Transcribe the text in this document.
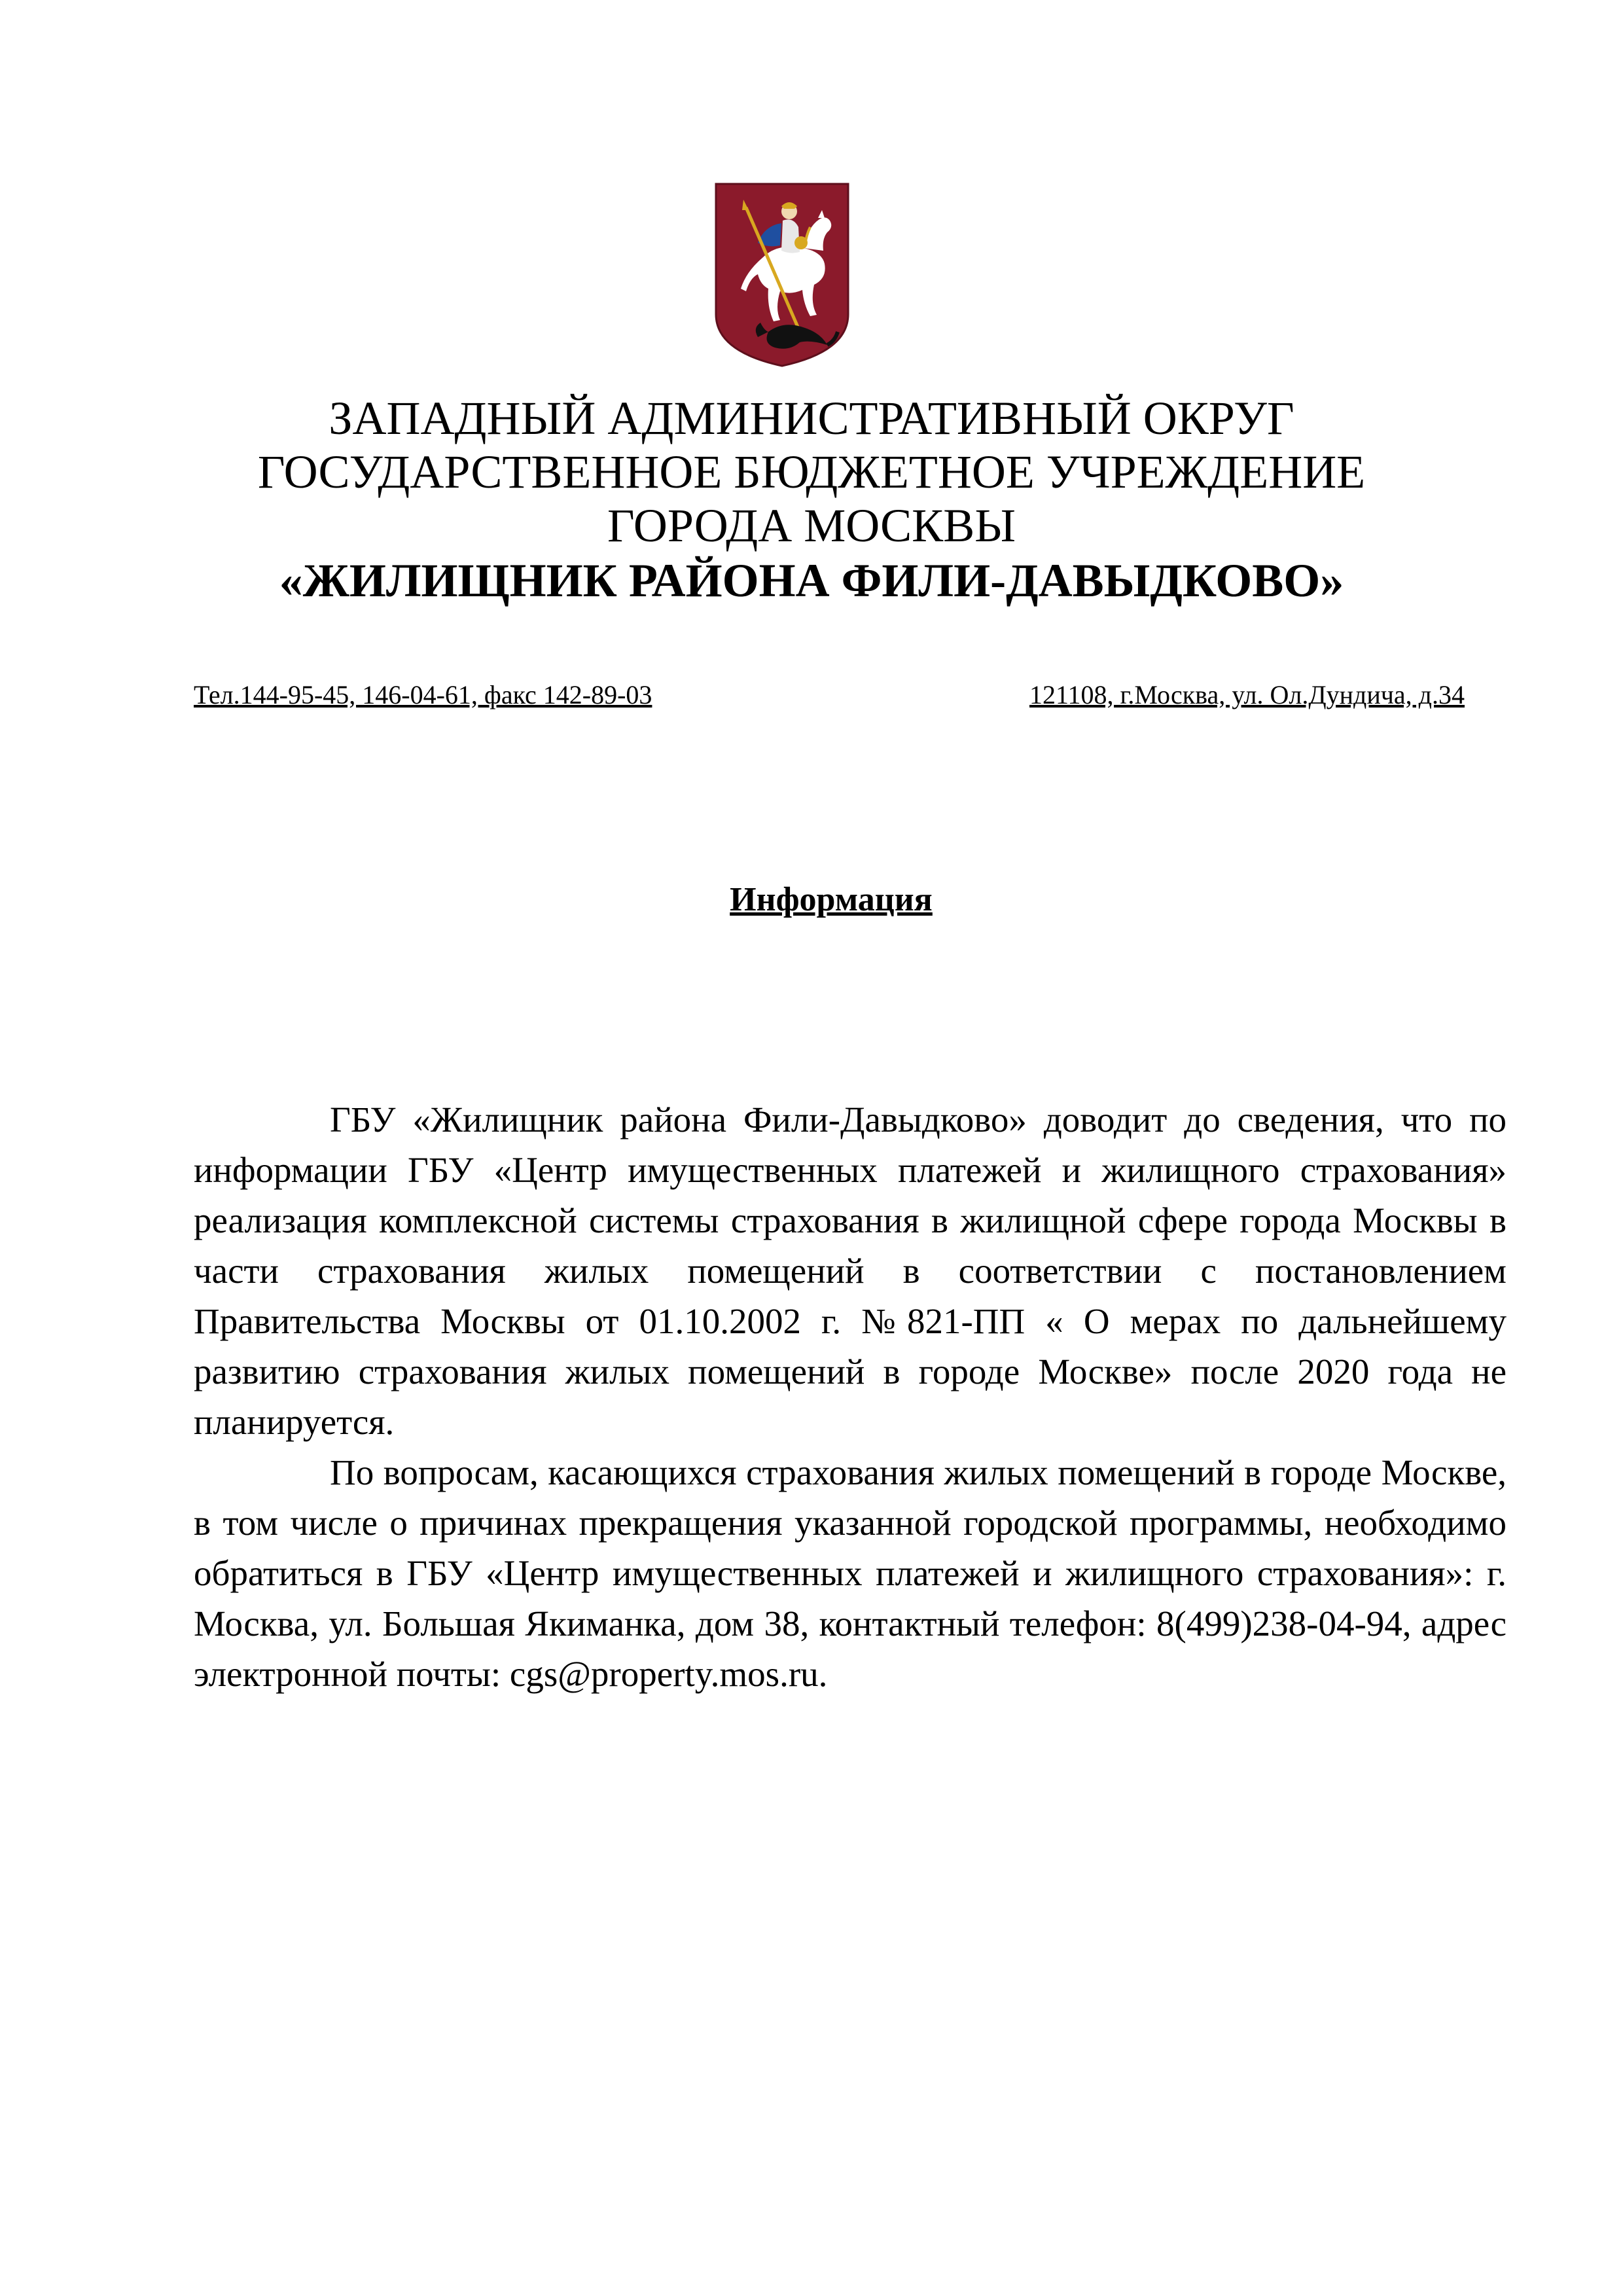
ЗАПАДНЫЙ АДМИНИСТРАТИВНЫЙ ОКРУГ
ГОСУДАРСТВЕННОЕ БЮДЖЕТНОЕ УЧРЕЖДЕНИЕ
ГОРОДА МОСКВЫ
«ЖИЛИЩНИК РАЙОНА ФИЛИ-ДАВЫДКОВО»
Тел.144-95-45, 146-04-61, факс 142-89-03	121108, г.Москва, ул. Ол.Дундича, д.34
Информация

ГБУ «Жилищник района Фили-Давыдково» доводит до сведения, что по информации ГБУ «Центр имущественных платежей и жилищного страхования» реализация комплексной системы страхования в жилищной сфере города Москвы в части страхования жилых помещений в соответствии с постановлением Правительства Москвы от 01.10.2002 г. №821-ПП « О мерах по дальнейшему развитию страхования жилых помещений в городе Москве» после 2020 года не планируется.

По вопросам, касающихся страхования жилых помещений в городе Москве, в том числе о причинах прекращения указанной городской программы, необходимо обратиться в ГБУ «Центр имущественных платежей и жилищного страхования»: г. Москва, ул. Большая Якиманка, дом 38, контактный телефон: 8(499)238-04-94, адрес электронной почты: cgs@property.mos.ru.
